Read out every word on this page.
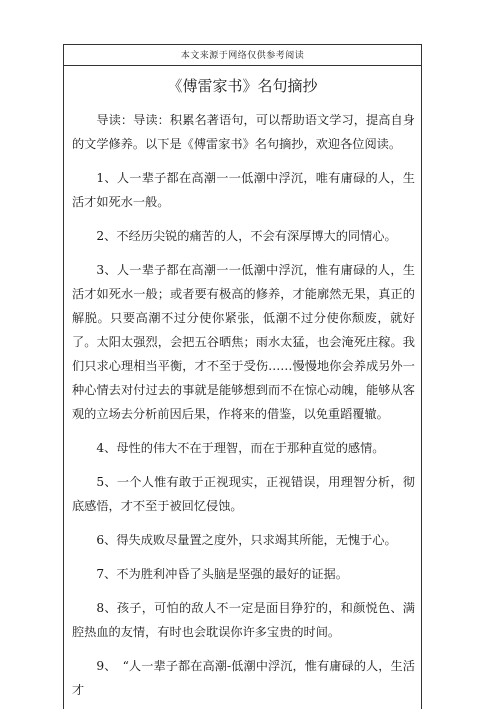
本文来源于网络仅供参考阅读
《傅雷家书》名句摘抄

导读：导读：积累名著语句，可以帮助语文学习，提高自身的文学修养。以下是《傅雷家书》名句摘抄，欢迎各位阅读。

1、人一辈子都在高潮一一低潮中浮沉，唯有庸碌的人，生活才如死水一般。

2、不经历尖锐的痛苦的人，不会有深厚博大的同情心。

3、人一辈子都在高潮一一低潮中浮沉，惟有庸碌的人，生活才如死水一般；或者要有极高的修养，才能廓然无果，真正的解脱。只要高潮不过分使你紧张，低潮不过分使你颓废，就好了。太阳太强烈，会把五谷晒焦；雨水太猛，也会淹死庄稼。我们只求心理相当平衡，才不至于受伤……慢慢地你会养成另外一种心情去对付过去的事就是能够想到而不在惊心动魄，能够从客观的立场去分析前因后果，作将来的借鉴，以免重蹈覆辙。

4、母性的伟大不在于理智，而在于那种直觉的感情。

5、一个人惟有敢于正视现实，正视错误，用理智分析，彻底感悟，才不至于被回忆侵蚀。

6、得失成败尽量置之度外，只求竭其所能，无愧于心。

7、不为胜利冲昏了头脑是坚强的最好的证据。

8、孩子，可怕的敌人不一定是面目狰狞的，和颜悦色、满腔热血的友情，有时也会耽误你许多宝贵的时间。

9、　“人一辈子都在高潮-低潮中浮沉，惟有庸碌的人，生活才
